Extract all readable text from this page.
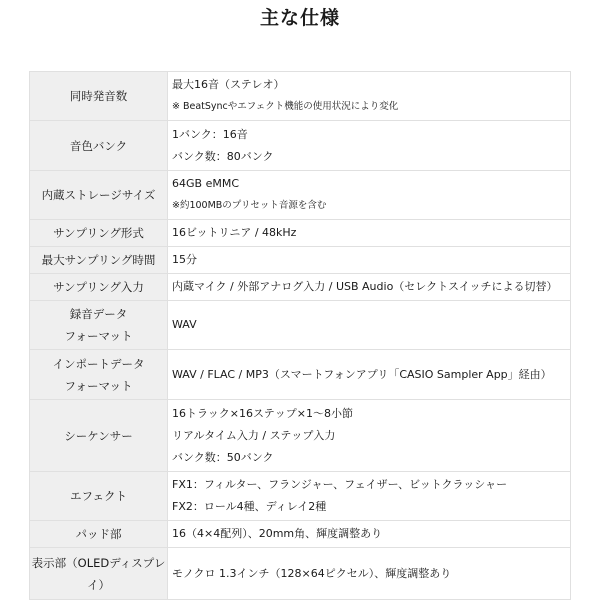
主な仕様
同時発音数	最大16音（ステレオ）
※ BeatSyncやエフェクト機能の使用状況により変化

音色バンク	1バンク：16音
バンク数：80バンク

内蔵ストレージサイズ	64GB eMMC
※約100MBのプリセット音源を含む

サンプリング形式	16ビットリニア / 48kHz

最大サンプリング時間	15分

サンプリング入力	内蔵マイク / 外部アナログ入力 / USB Audio（セレクトスイッチによる切替）

録音データ
フォーマット	WAV

インポートデータ
フォーマット	WAV / FLAC / MP3（スマートフォンアプリ「CASIO Sampler App」経由）

シーケンサー	16トラック×16ステップ×1〜8小節
リアルタイム入力 / ステップ入力
バンク数：50バンク

エフェクト	FX1：フィルター、フランジャー、フェイザー、ビットクラッシャー
FX2：ロール4種、ディレイ2種

パッド部	16（4×4配列）、20mm角、輝度調整あり

表示部（OLEDディスプレイ）	モノクロ 1.3インチ（128×64ピクセル）、輝度調整あり
